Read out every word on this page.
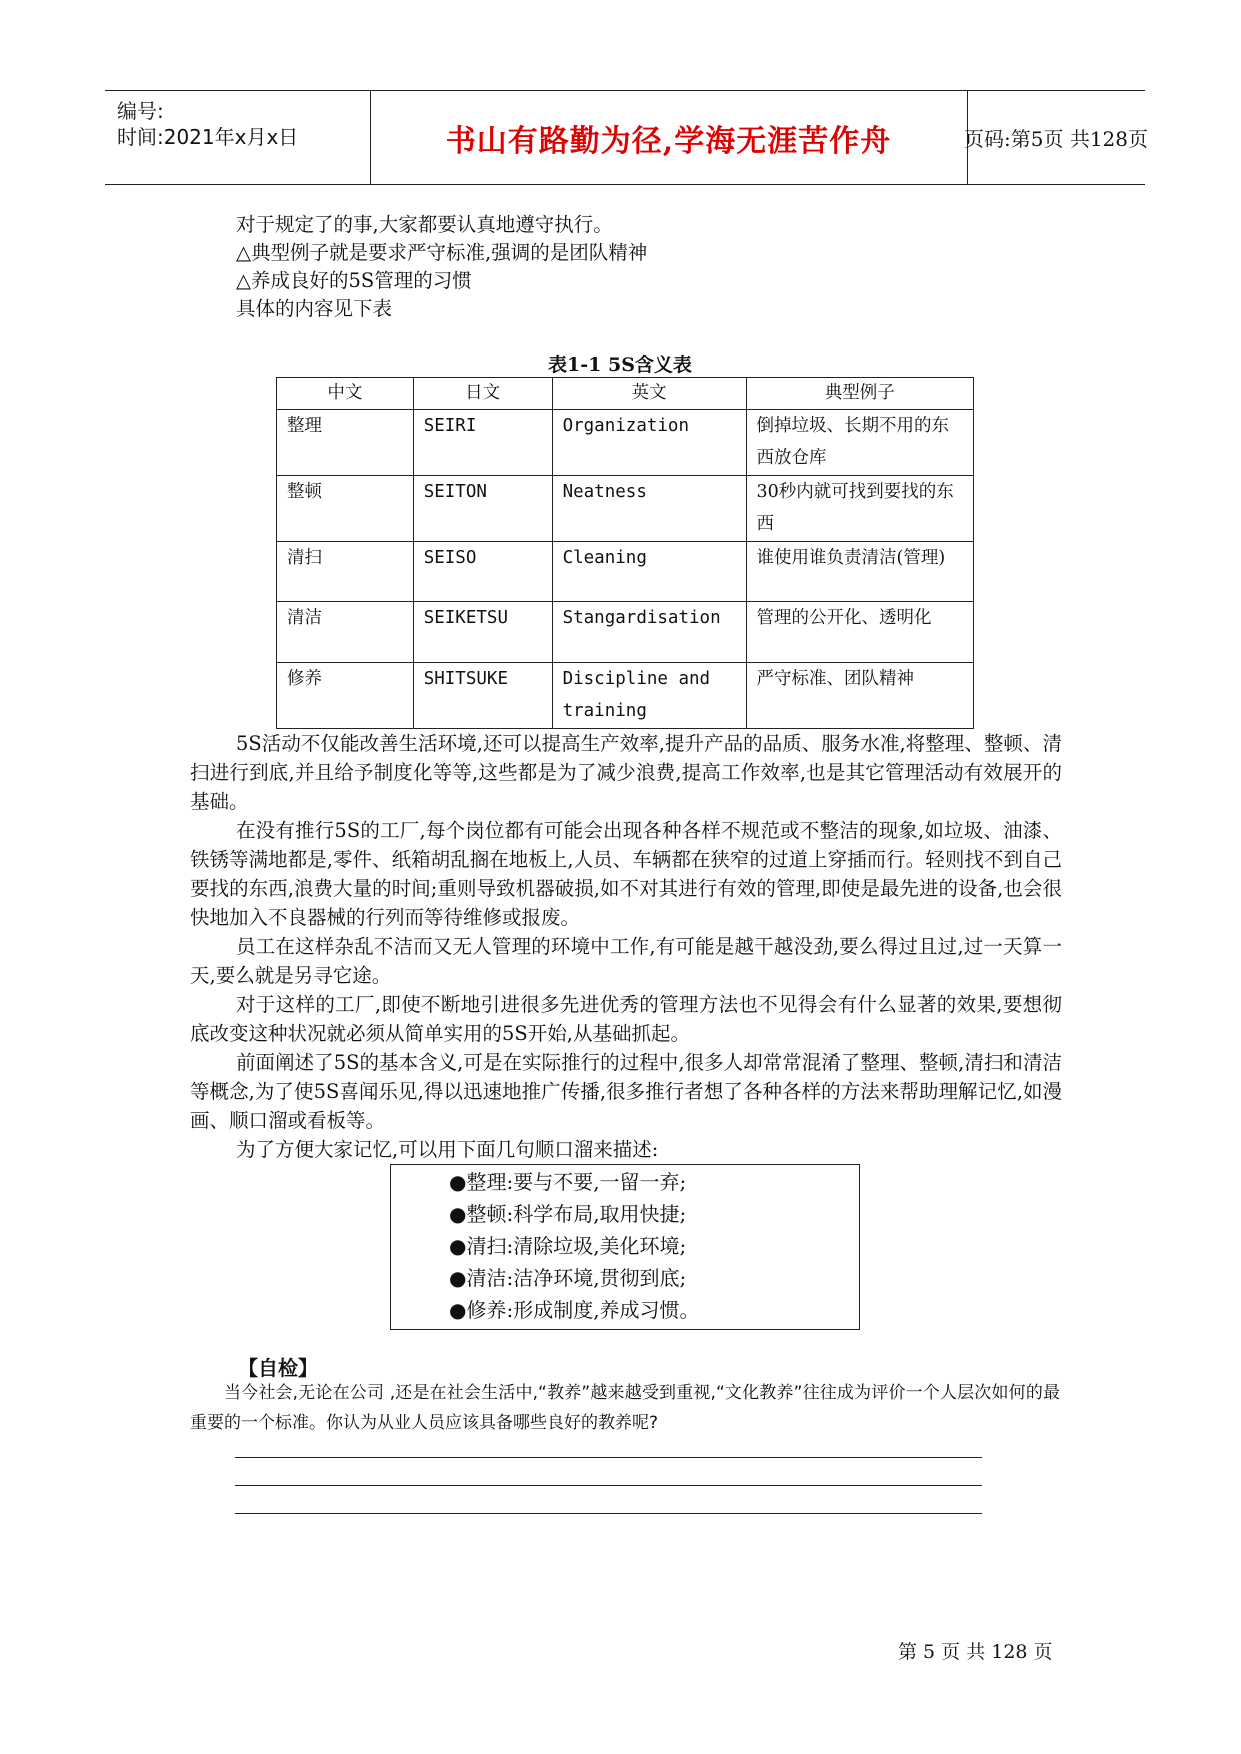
编号:
时间:2021年x月x日	书山有路勤为径,学海无涯苦作舟	页码:第5页 共128页
对于规定了的事,大家都要认真地遵守执行。
△典型例子就是要求严守标准,强调的是团队精神
△养成良好的5S管理的习惯
具体的内容见下表
表1-1 5S含义表
中文	日文	英文	典型例子
整理	SEIRI	Organization	倒掉垃圾、长期不用的东西放仓库
整顿	SEITON	Neatness	30秒内就可找到要找的东西
清扫	SEISO	Cleaning	谁使用谁负责清洁(管理)
清洁	SEIKETSU	Stangardisation	管理的公开化、透明化
修养	SHITSUKE	Discipline and training	严守标准、团队精神
5S活动不仅能改善生活环境,还可以提高生产效率,提升产品的品质、服务水准,将整理、整顿、清扫进行到底,并且给予制度化等等,这些都是为了减少浪费,提高工作效率,也是其它管理活动有效展开的基础。
在没有推行5S的工厂,每个岗位都有可能会出现各种各样不规范或不整洁的现象,如垃圾、油漆、铁锈等满地都是,零件、纸箱胡乱搁在地板上,人员、车辆都在狭窄的过道上穿插而行。轻则找不到自己要找的东西,浪费大量的时间;重则导致机器破损,如不对其进行有效的管理,即使是最先进的设备,也会很快地加入不良器械的行列而等待维修或报废。
员工在这样杂乱不洁而又无人管理的环境中工作,有可能是越干越没劲,要么得过且过,过一天算一天,要么就是另寻它途。
对于这样的工厂,即使不断地引进很多先进优秀的管理方法也不见得会有什么显著的效果,要想彻底改变这种状况就必须从简单实用的5S开始,从基础抓起。
前面阐述了5S的基本含义,可是在实际推行的过程中,很多人却常常混淆了整理、整顿,清扫和清洁等概念,为了使5S喜闻乐见,得以迅速地推广传播,很多推行者想了各种各样的方法来帮助理解记忆,如漫画、顺口溜或看板等。
为了方便大家记忆,可以用下面几句顺口溜来描述:
●整理:要与不要,一留一弃;
●整顿:科学布局,取用快捷;
●清扫:清除垃圾,美化环境;
●清洁:洁净环境,贯彻到底;
●修养:形成制度,养成习惯。
【自检】
当今社会,无论在公司 ,还是在社会生活中,“教养”越来越受到重视,“文化教养”往往成为评价一个人层次如何的最重要的一个标准。你认为从业人员应该具备哪些良好的教养呢?
第 5 页 共 128 页
